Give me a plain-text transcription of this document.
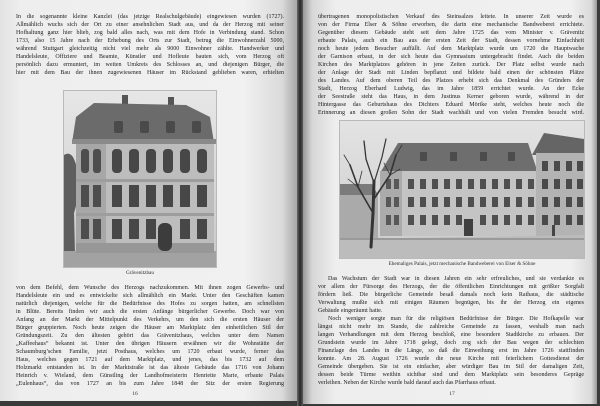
In die sogenannte kleine Kanzlei (das jetzige Realschulgebäude) eingewiesen wurden (1727).
Allmählich wuchs sich der Ort zu einer ansehnlichen Stadt aus, und da der Herzog mit seiner
Hofhaltung ganz hier blieb, zog bald alles nach, was mit dem Hofe in Verbindung stand. Schon
1733, also 15 Jahre nach der Erhebung des Orts zur Stadt, betrug die Einwohnerzahl 5000,
während Stuttgart gleichzeitig nicht viel mehr als 9000 Einwohner zählte. Handwerker und
Handelsleute, Offiziere und Beamte, Künstler und Hofleute bauten sich, vom Herzog oft
persönlich dazu ermuntert, im weiten Umkreis des Schlosses an, und diejenigen Bürger, die
hier mit dem Bau der ihnen zugewiesenen Häuser im Rückstand geblieben waren, erhielten
Grävenitzbau
von dem Befehl, dem Wunsche des Herzogs nachzukommen. Mit ihnen zogen Gewerbs- und
Handelsleute ein und es entwickelte sich allmählich ein Markt. Unter den Geschäften kamen
natürlich diejenigen, welche für die Bedürfnisse des Hofes zu sorgen hatten, am schnellsten
in Blüte. Bereits finden wir auch die ersten Anfänge bürgerlicher Gewerbe. Doch war von
Anfang an der Markt der Mittelpunkt des Verkehrs, um den sich die ersten Häuser der
Bürger gruppierten. Noch heute zeigen die Häuser am Marktplatz den einheitlichen Stil der
Gründungszeit. Zu den ältesten gehört das Grävenitzhaus, welches unter dem Namen
„Kaffeehaus“ bekannt ist. Unter den übrigen Häusern erwähnen wir die Wohnstätte der
Schaumburg’schen Familie, jetzt Posthaus, welches um 1720 erbaut wurde, ferner das
Haus, welches gegen 1721 auf dem Marktplatz, und jenes, das bis 1732 auf dem
Holzmarkt entstanden ist. In der Marktstraße ist das älteste Gebäude das 1716 von Johann
Heinrich v. Wieland, dem Günstling der Landhofmeisterin Henriette Marie, erbaute Palais
„Eulenhaus“, das von 1727 an bis zum Jahre 1848 der Sitz der ersten Regierung
16
übertragenen monopolistischen Verkauf des Steinsalzes leitete. In unserer Zeit wurde es
von der Firma Elser & Söhne erworben, die darin eine mechanische Bandweberei errichtete.
Gegenüber diesem Gebäude steht seit dem Jahre 1725 das vom Minister v. Grävenitz
erbaute Palais, auch ein Bau aus der ersten Zeit der Stadt, dessen vornehme Einfachheit
noch heute jedem Besucher auffällt. Auf dem Marktplatz wurde um 1720 die Hauptwache
der Garnison erbaut, in der sich heute das Gymnasium untergebracht findet. Auch die beiden
Kirchen des Marktplatzes gehören in jene Zeiten zurück. Der Platz selbst wurde nach
der Anlage der Stadt mit Linden bepflanzt und bildete bald einen der schönsten Plätze
des Landes. Auf dem oberen Teil des Platzes erhebt sich das Denkmal des Gründers der
Stadt, Herzog Eberhard Ludwig, das im Jahre 1859 errichtet wurde. An der Ecke
der Seestraße steht das Haus, in dem Justinus Kerner geboren wurde, während in der
Hintergasse das Geburtshaus des Dichters Eduard Mörike steht, welches heute noch die
Erinnerung an diesen großen Sohn der Stadt wachhält und von vielen Fremden besucht wird.
Ehemaliges Palais, jetzt mechanische Bandweberei von Elser & Söhne
Das Wachstum der Stadt war in diesen Jahren ein sehr erfreuliches, und sie verdankte es
vor allem der Fürsorge des Herzogs, der die öffentlichen Einrichtungen mit größter Sorgfalt
fördern ließ. Die bürgerliche Gemeinde besaß damals noch kein Rathaus, die städtische
Verwaltung mußte sich mit einigen Räumen begnügen, bis ihr der Herzog ein eigenes
Gebäude eingeräumt hatte.
Noch weniger sorgte man für die religiösen Bedürfnisse der Bürger. Die Hofkapelle war
längst nicht mehr im Stande, die zahlreiche Gemeinde zu fassen, weshalb man nach
langen Verhandlungen mit dem Herzog beschloß, eine besondere Stadtkirche zu erbauen. Der
Grundstein wurde im Jahre 1718 gelegt, doch zog sich der Bau wegen der schlechten
Finanzlage des Landes in die Länge, so daß die Einweihung erst im Jahre 1726 stattfinden
konnte. Am 28. August 1726 wurde die neue Kirche mit feierlichem Gottesdienst der
Gemeinde übergeben. Sie ist ein einfacher, aber würdiger Bau im Stil der damaligen Zeit,
dessen beide Türme weithin sichtbar sind und dem Marktplatz sein besonderes Gepräge
verleihen. Neben der Kirche wurde bald darauf auch das Pfarrhaus erbaut.
17
